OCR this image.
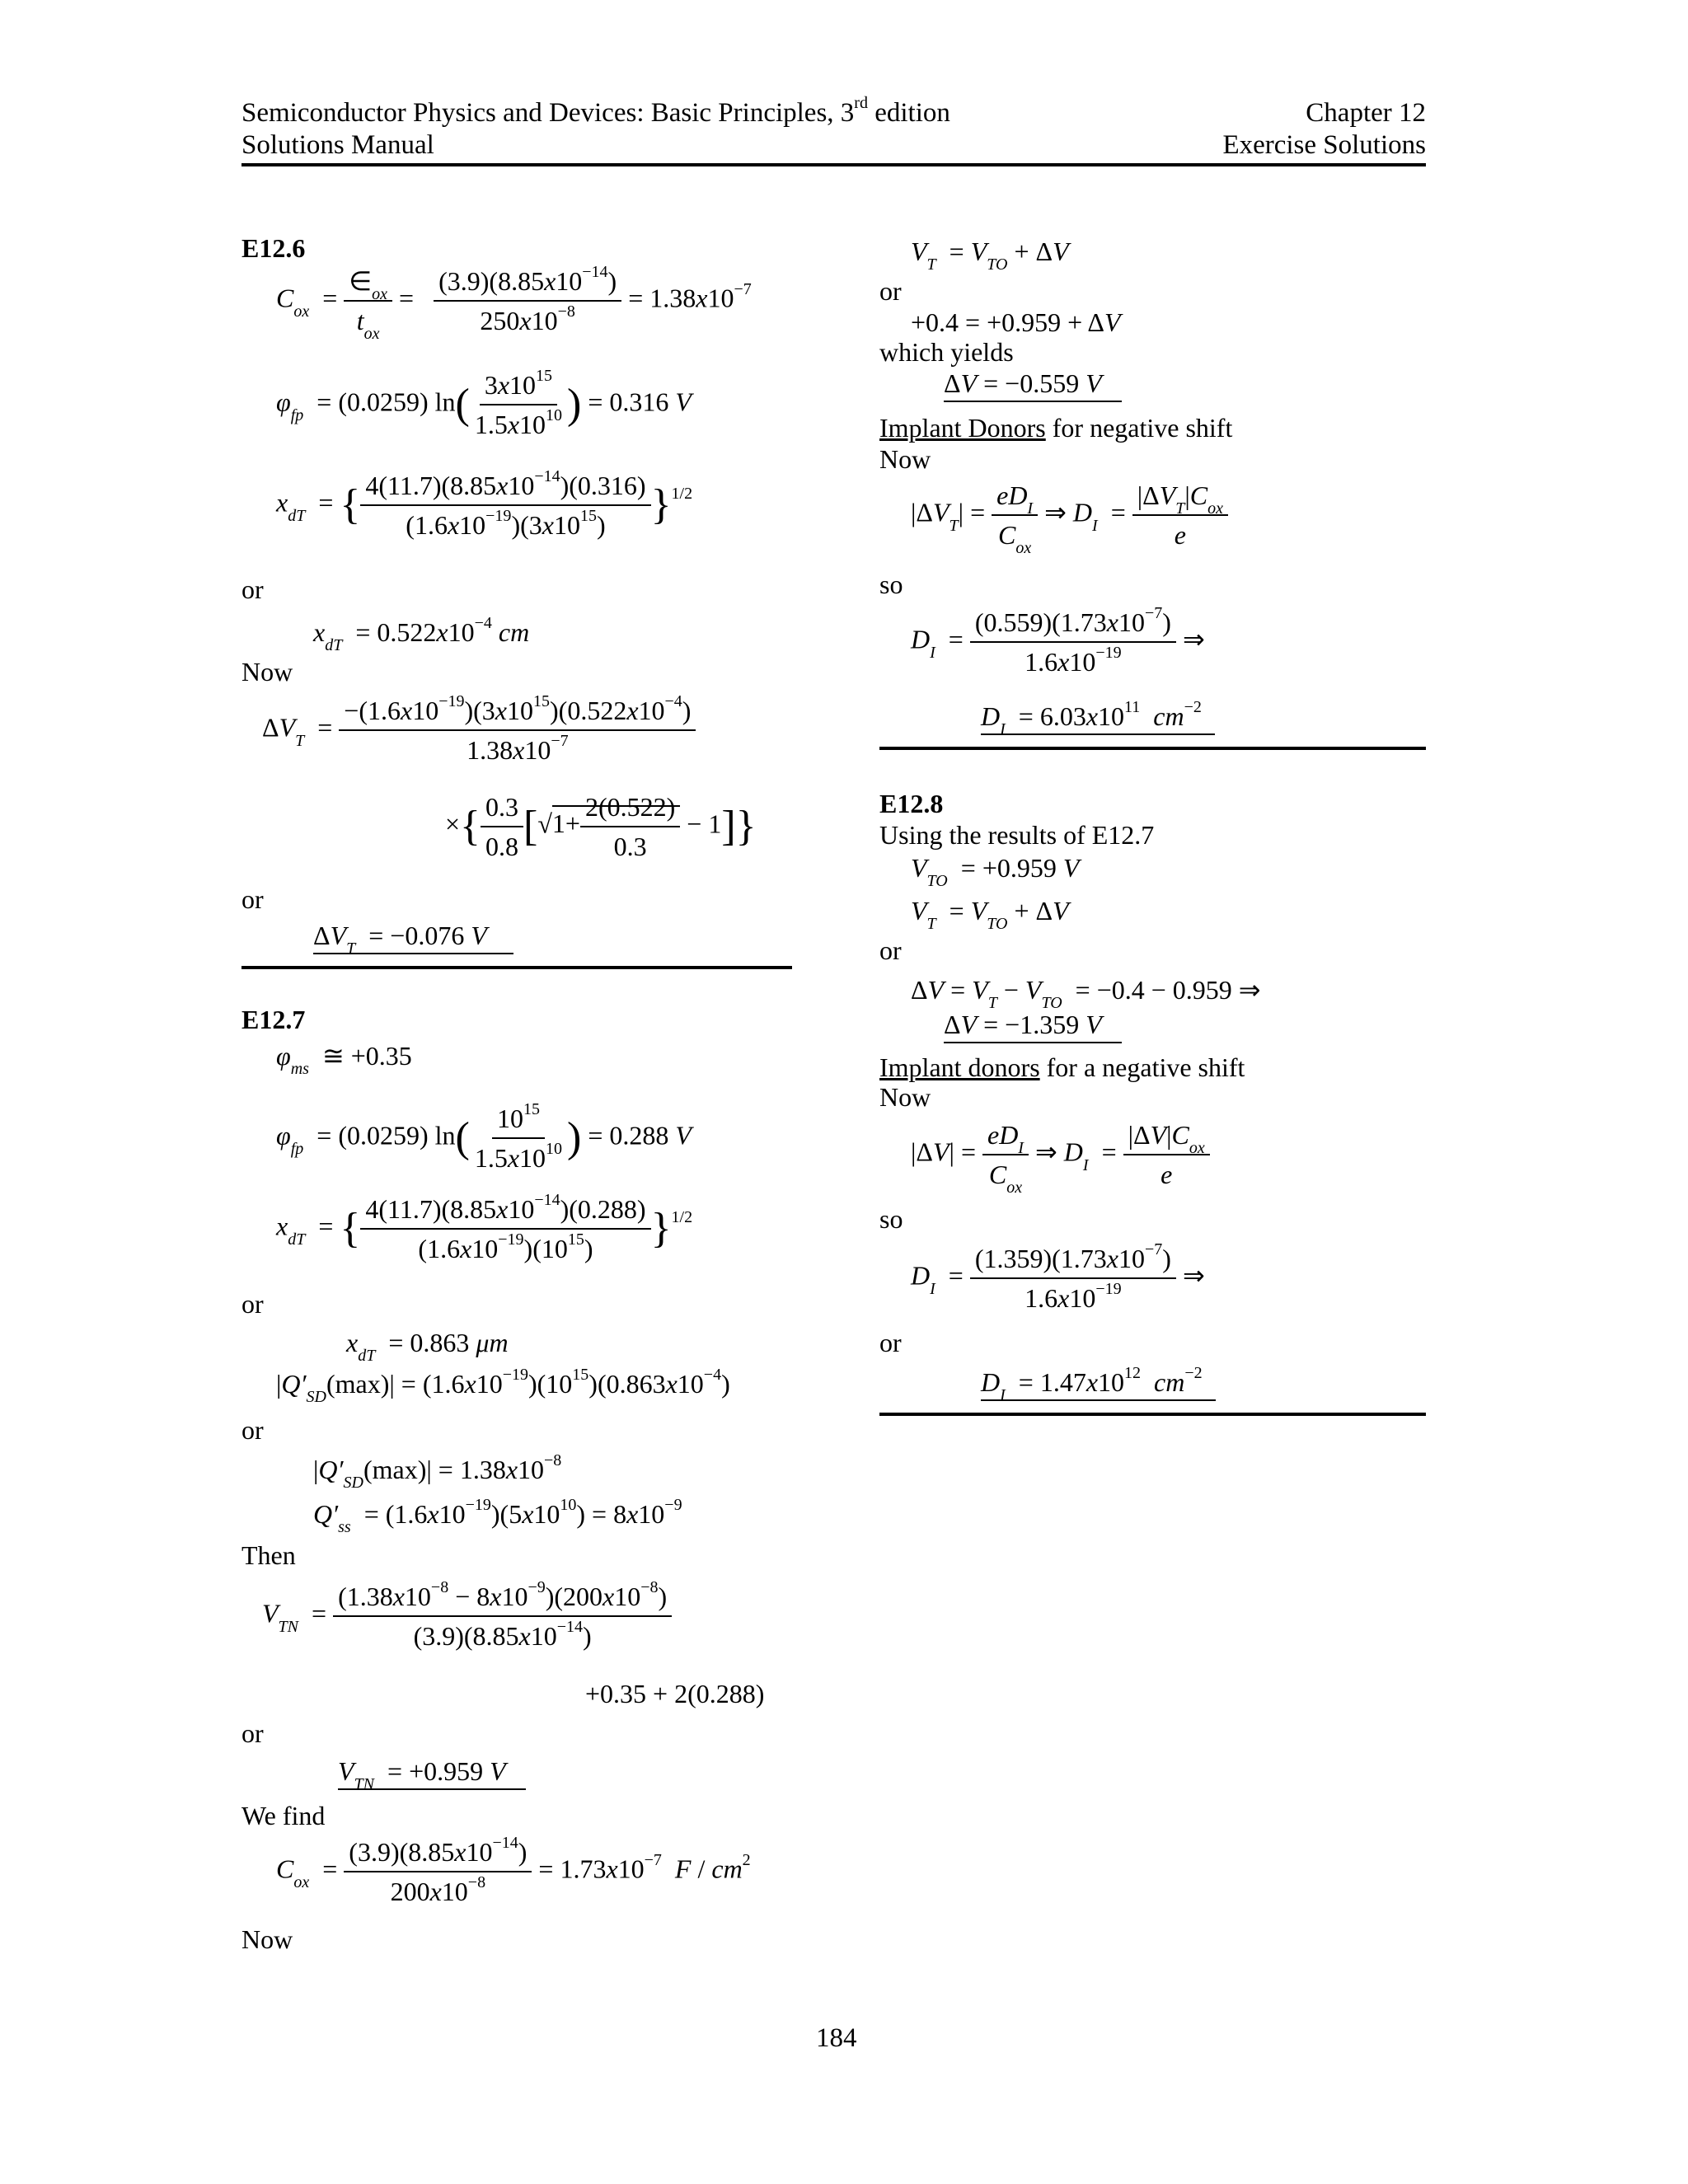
Semiconductor Physics and Devices: Basic Principles, 3rd edition
Solutions Manual
Chapter 12
Exercise Solutions
E12.6
$C_{ox} = \frac{\in_{ox}}{t_{ox}} = \frac{(3.9)(8.85x10^{-14})}{250x10^{-8}} = 1.38x10^{-7}$
$\varphi_{fp} = (0.0259)$ $\ln( \frac{3x10^{15}}{1.5x10^{10}}$ ) = 0.316 V
$x_{dT}$  = { $\frac{4(11.7)(8.85x10^{-14})(0.316)}{(1.6x10^{-19})(3x10^{15})} \}^{1/2}$
or
$x_{dT} = 0.522x10^{-4}$ cm
Now
$\Delta V_T = \frac{-(1.6x10^{-19})(3x10^{15})(0.522x10^{-4})}{1.38x10^{-7}}$
×{ $\frac{0.3}{0.8} [√1+ \frac{2(0.522)}{0.3} - 1]$}
or
$\Delta V_T = -0.076$ V
E12.7
$\varphi_{ms}$  ≅ +0.35
$\varphi_{fp} = (0.0259)$ $\ln( \frac{10^{15}}{1.5x10^{10}}$ ) = 0.288 V
$x_{dT}$  = { $\frac{4(11.7)(8.85x10^{-14})(0.288)}{(1.6x10^{-19})(10^{15})} \}^{1/2}$
or
$x_{dT} = 0.863$ μm
$|Q'_{SD}(\max)| = (1.6x10^{-19})(10^{15})(0.863x10^{-4})$
or
$|Q'_{SD}(\max)| = 1.38x10^{-8}$
$Q'_{ss} = (1.6x10^{-19})(5x10^{10}) = 8x10^{-9}$
Then
$V_{TN} = \frac{(1.38x10^{-8} - 8x10^{-9})(200x10^{-8})}{(3.9)(8.85x10^{-14})}$
+0.35 + 2(0.288)
or
$V_{TN} = +0.959$ V
We find
$C_{ox} = \frac{(3.9)(8.85x10^{-14})}{200x10^{-8}} = 1.73x10^{-7}$ F / $cm^2$
Now
$V_T = V_{TO} + \Delta V$
or
+0.4 = +0.959 + ΔV
which yields
ΔV = −0.559 V
Implant Donors for negative shift
Now
$|\Delta V_T| = \frac{eD_I}{C_{ox}}$ ⇒ $D_I = \frac{|\Delta V_T|C_{ox}}{e}$
so
$D_I = \frac{(0.559)(1.73x10^{-7})}{1.6x10^{-19}}$ ⇒
$D_I = 6.03x10^{11}$ $cm^{-2}$
E12.8
Using the results of E12.7
$V_{TO} = +0.959$ V
$V_T = V_{TO} + \Delta V$
or
$\Delta V = V_T - V_{TO} = -0.4 - 0.959$ ⇒
ΔV = −1.359 V
Implant donors for a negative shift
Now
$|\Delta V| = \frac{eD_I}{C_{ox}}$ ⇒ $D_I = \frac{|\Delta V|C_{ox}}{e}$
so
$D_I = \frac{(1.359)(1.73x10^{-7})}{1.6x10^{-19}}$ ⇒
or
$D_I = 1.47x10^{12}$ $cm^{-2}$
184
